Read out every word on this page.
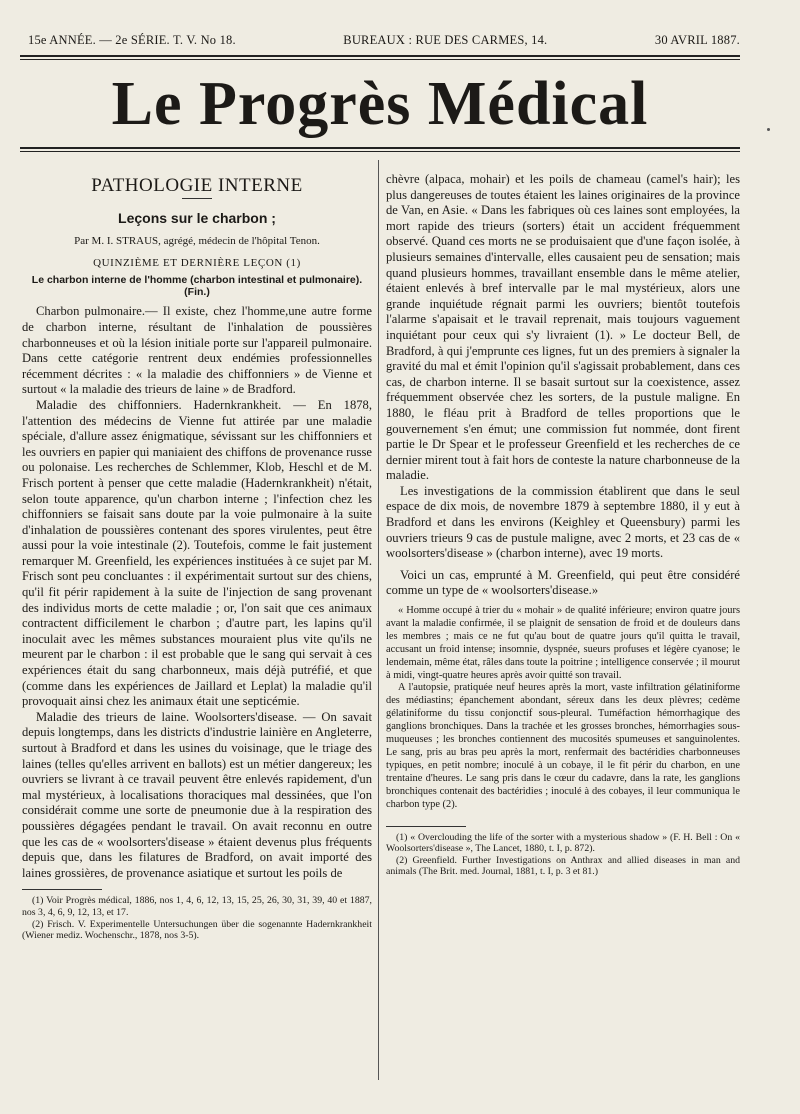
15e ANNÉE. — 2e SÉRIE. T. V. No 18.	BUREAUX : RUE DES CARMES, 14.	30 AVRIL 1887.
Le Progrès Médical
PATHOLOGIE INTERNE
Leçons sur le charbon ;
Par M. I. STRAUS, agrégé, médecin de l'hôpital Tenon.
QUINZIÈME ET DERNIÈRE LEÇON (1)
Le charbon interne de l'homme (charbon intestinal et pulmonaire). (Fin.)

Charbon pulmonaire.— Il existe, chez l'homme,une autre forme de charbon interne, résultant de l'inhalation de poussières charbonneuses et où la lésion initiale porte sur l'appareil pulmonaire. Dans cette catégorie rentrent deux endémies professionnelles récemment décrites : « la maladie des chiffonniers » de Vienne et surtout « la maladie des trieurs de laine » de Bradford.

Maladie des chiffonniers. Hadernkrankheit. — En 1878, l'attention des médecins de Vienne fut attirée par une maladie spéciale, d'allure assez énigmatique, sévissant sur les chiffonniers et les ouvriers en papier qui maniaient des chiffons de provenance russe ou polonaise. Les recherches de Schlemmer, Klob, Heschl et de M. Frisch portent à penser que cette maladie (Hadernkrankheit) n'était, selon toute apparence, qu'un charbon interne ; l'infection chez les chiffonniers se faisait sans doute par la voie pulmonaire à la suite d'inhalation de poussières contenant des spores virulentes, peut être aussi pour la voie intestinale (2). Toutefois, comme le fait justement remarquer M. Greenfield, les expériences instituées à ce sujet par M. Frisch sont peu concluantes : il expérimentait surtout sur des chiens, qu'il fit périr rapidement à la suite de l'injection de sang provenant des individus morts de cette maladie ; or, l'on sait que ces animaux contractent difficilement le charbon ; d'autre part, les lapins qu'il inoculait avec les mêmes substances mouraient plus vite qu'ils ne meurent par le charbon : il est probable que le sang qui servait à ces expériences était du sang charbonneux, mais déjà putréfié, et que (comme dans les expériences de Jaillard et Leplat) la maladie qu'il provoquait ainsi chez les animaux était une septicémie.

Maladie des trieurs de laine. Woolsorters'disease. — On savait depuis longtemps, dans les districts d'industrie lainière en Angleterre, surtout à Bradford et dans les usines du voisinage, que le triage des laines (telles qu'elles arrivent en ballots) est un métier dangereux; les ouvriers se livrant à ce travail peuvent être enlevés rapidement, d'un mal mystérieux, à localisations thoraciques mal dessinées, que l'on considérait comme une sorte de pneumonie due à la respiration des poussières dégagées pendant le travail. On avait reconnu en outre que les cas de « woolsorters'disease » étaient devenus plus fréquents depuis que, dans les filatures de Bradford, on avait importé des laines grossières, de provenance asiatique et surtout les poils de

(1) Voir Progrès médical, 1886, nos 1, 4, 6, 12, 13, 15, 25, 26, 30, 31, 39, 40 et 1887, nos 3, 4, 6, 9, 12, 13, et 17.
(2) Frisch. V. Experimentelle Untersuchungen über die sogenannte Hadernkrankheit (Wiener mediz. Wochenschr., 1878, nos 3-5).

chèvre (alpaca, mohair) et les poils de chameau (camel's hair); les plus dangereuses de toutes étaient les laines originaires de la province de Van, en Asie. « Dans les fabriques où ces laines sont employées, la mort rapide des trieurs (sorters) était un accident fréquemment observé. Quand ces morts ne se produisaient que d'une façon isolée, à plusieurs semaines d'intervalle, elles causaient peu de sensation; mais quand plusieurs hommes, travaillant ensemble dans le même atelier, étaient enlevés à bref intervalle par le mal mystérieux, alors une grande inquiétude régnait parmi les ouvriers; bientôt toutefois l'alarme s'apaisait et le travail reprenait, mais toujours vaguement inquiétant pour ceux qui s'y livraient (1). » Le docteur Bell, de Bradford, à qui j'emprunte ces lignes, fut un des premiers à signaler la gravité du mal et émit l'opinion qu'il s'agissait probablement, dans ces cas, de charbon interne. Il se basait surtout sur la coexistence, assez fréquemment observée chez les sorters, de la pustule maligne. En 1880, le fléau prit à Bradford de telles proportions que le gouvernement s'en émut; une commission fut nommée, dont firent partie le Dr Spear et le professeur Greenfield et les recherches de ce dernier mirent tout à fait hors de conteste la nature charbonneuse de la maladie.

Les investigations de la commission établirent que dans le seul espace de dix mois, de novembre 1879 à septembre 1880, il y eut à Bradford et dans les environs (Keighley et Queensbury) parmi les ouvriers trieurs 9 cas de pustule maligne, avec 2 morts, et 23 cas de « woolsorters'disease » (charbon interne), avec 19 morts.

Voici un cas, emprunté à M. Greenfield, qui peut être considéré comme un type de « woolsorters'disease.»

« Homme occupé à trier du « mohair » de qualité inférieure; environ quatre jours avant la maladie confirmée, il se plaignit de sensation de froid et de douleurs dans les membres ; mais ce ne fut qu'au bout de quatre jours qu'il quitta le travail, accusant un froid intense; insomnie, dyspnée, sueurs profuses et légère cyanose; le lendemain, même état, râles dans toute la poitrine ; intelligence conservée ; il mourut à midi, vingt-quatre heures après avoir quitté son travail.

A l'autopsie, pratiquée neuf heures après la mort, vaste infiltration gélatiniforme des médiastins; épanchement abondant, séreux dans les deux plèvres; cedème gélatiniforme du tissu conjonctif sous-pleural. Tuméfaction hémorrhagique des ganglions bronchiques. Dans la trachée et les grosses bronches, hémorrhagies sous-muqueuses ; les bronches contiennent des mucosités spumeuses et sanguinolentes. Le sang, pris au bras peu après la mort, renfermait des bactéridies charbonneuses typiques, en petit nombre; inoculé à un cobaye, il le fit périr du charbon, en une trentaine d'heures. Le sang pris dans le cœur du cadavre, dans la rate, les ganglions bronchiques contenait des bactéridies ; inoculé à des cobayes, il leur communiqua le charbon type (2).

(1) « Overclouding the life of the sorter with a mysterious shadow » (F. H. Bell : On « Woolsorters'disease », The Lancet, 1880, t. I, p. 872).
(2) Greenfield. Further Investigations on Anthrax and allied diseases in man and animals (The Brit. med. Journal, 1881, t. I, p. 3 et 81.)
